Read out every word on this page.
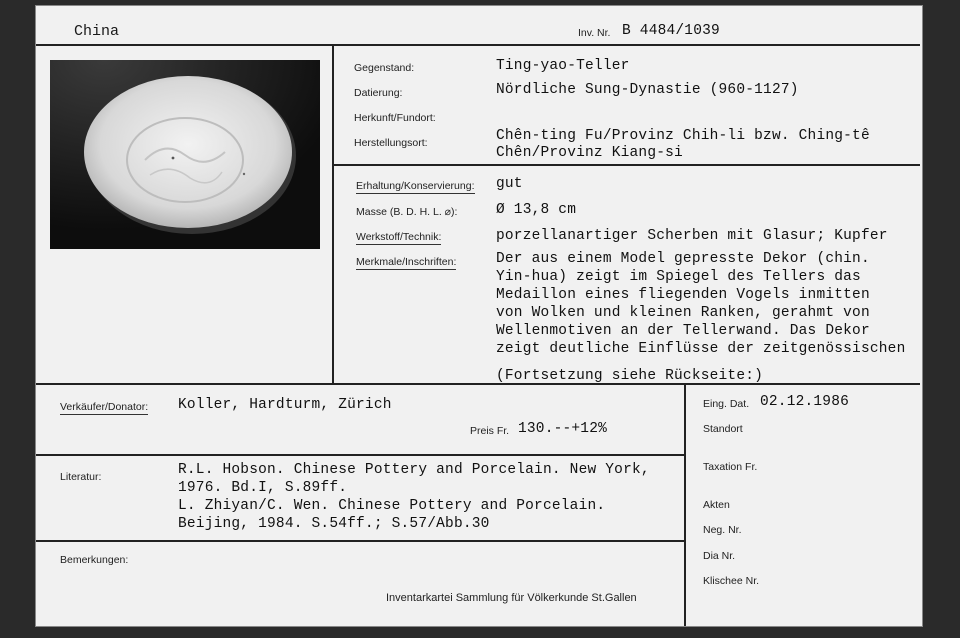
China	Inv. Nr. B 4484/1039
Gegenstand:	Ting-yao-Teller
Datierung:	Nördliche Sung-Dynastie (960-1127)
Herkunft/Fundort:
Herstellungsort:	Chên-ting Fu/Provinz Chih-li bzw. Ching-tê
Chên/Provinz Kiang-si
Erhaltung/Konservierung: gut
Masse (B. D. H. L. ⌀):	Ø 13,8 cm
Werkstoff/Technik:	porzellanartiger Scherben mit Glasur; Kupfer
Merkmale/Inschriften:	Der aus einem Model gepresste Dekor (chin.
Yin-hua) zeigt im Spiegel des Tellers das
Medaillon eines fliegenden Vogels inmitten
von Wolken und kleinen Ranken, gerahmt von
Wellenmotiven an der Tellerwand. Das Dekor
zeigt deutliche Einflüsse der zeitgenössischen
(Fortsetzung siehe Rückseite:)
Verkäufer/Donator: Koller, Hardturm, Zürich
Preis Fr. 130.--+12%
Literatur:	R.L. Hobson. Chinese Pottery and Porcelain. New York,
1976. Bd.I, S.89ff.
L. Zhiyan/C. Wen. Chinese Pottery and Porcelain.
Beijing, 1984. S.54ff.; S.57/Abb.30
Bemerkungen:
Inventarkartei Sammlung für Völkerkunde St.Gallen
Eing. Dat. 02.12.1986
Standort
Taxation Fr.
Akten
Neg. Nr.
Dia Nr.
Klischee Nr.
